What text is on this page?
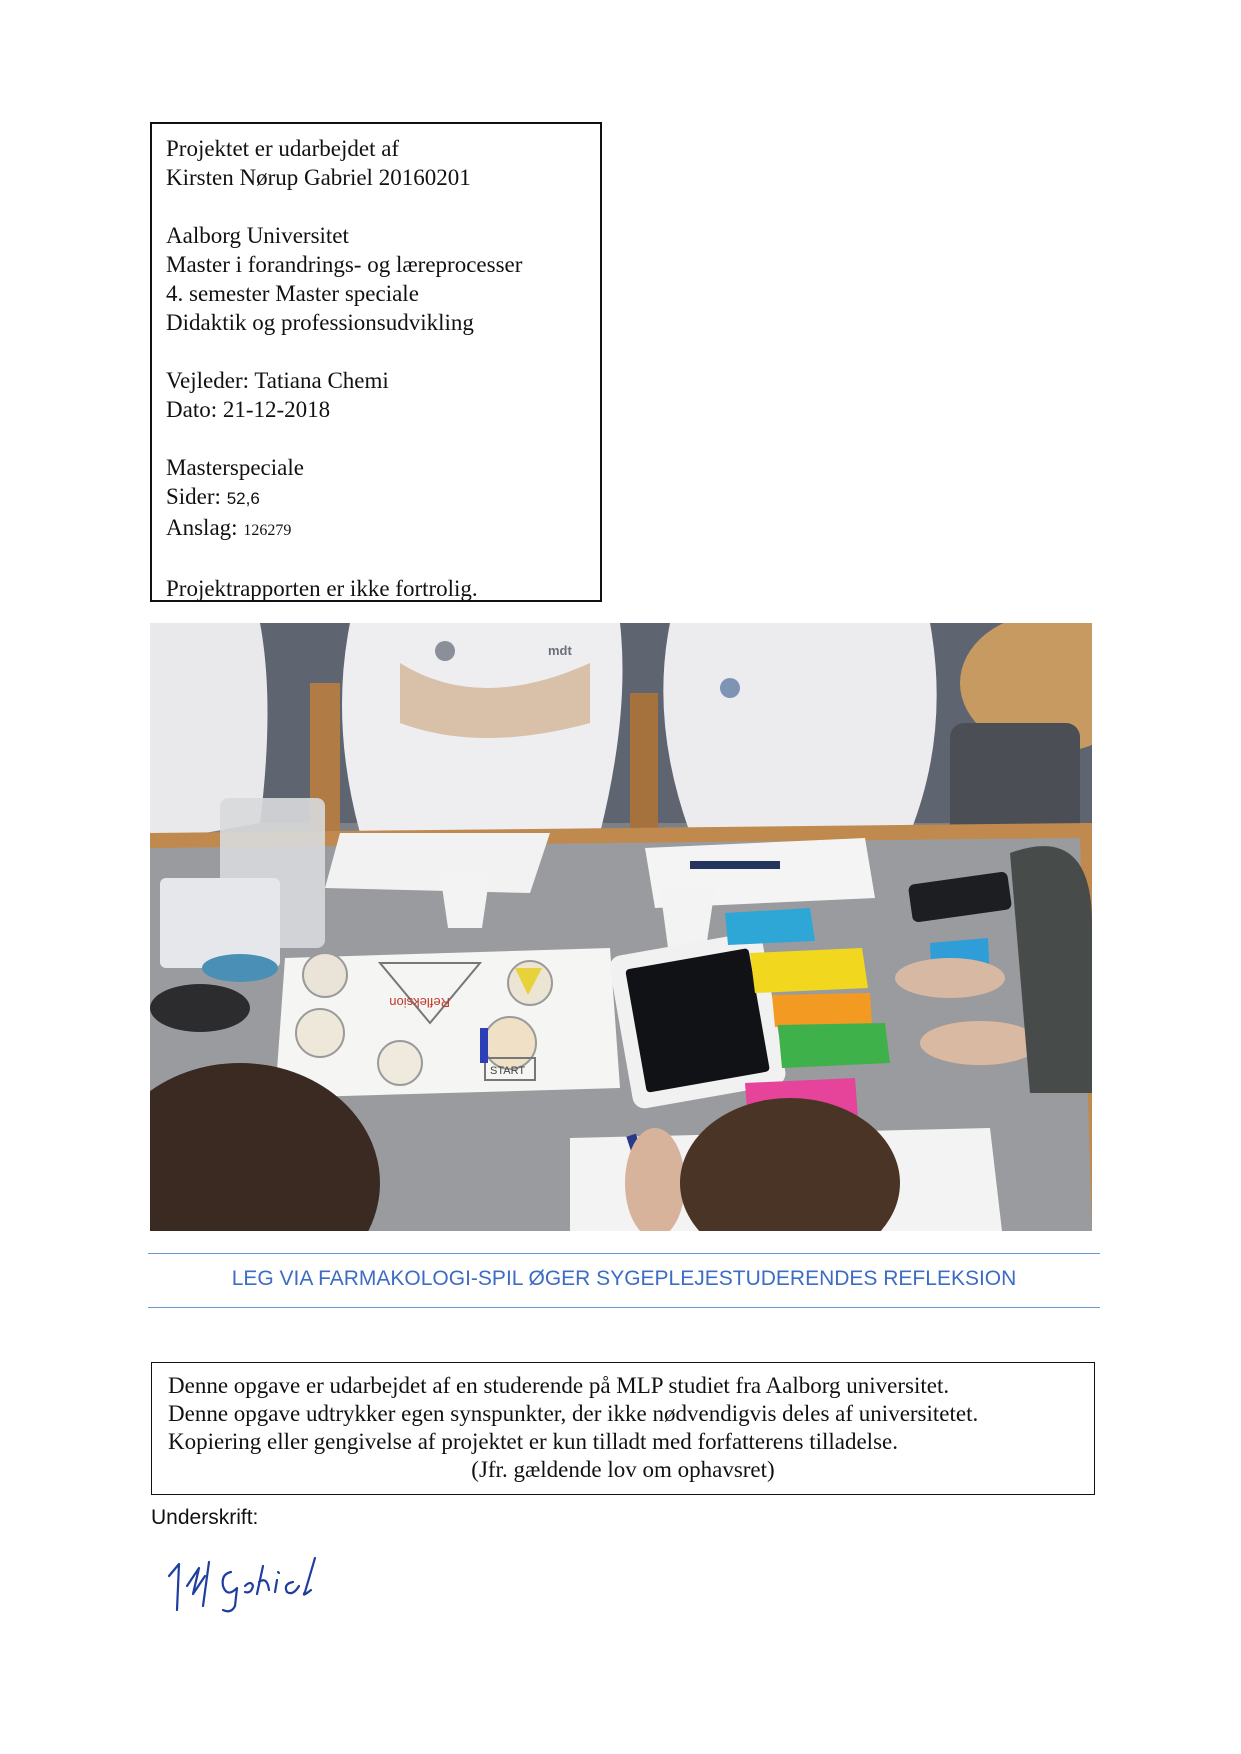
Projektet er udarbejdet af
Kirsten Nørup Gabriel 20160201
Aalborg Universitet
Master i forandrings- og læreprocesser
4. semester Master speciale
Didaktik og professionsudvikling
Vejleder: Tatiana Chemi
Dato: 21-12-2018
Masterspeciale
Sider: 52,6
Anslag: 126279
Projektrapporten er ikke fortrolig.
START
Refleksion
mdt
LEG VIA FARMAKOLOGI-SPIL ØGER SYGEPLEJESTUDERENDES REFLEKSION
Denne opgave er udarbejdet af en studerende på MLP studiet fra Aalborg universitet.
Denne opgave udtrykker egen synspunkter, der ikke nødvendigvis deles af universitetet.
Kopiering eller gengivelse af projektet er kun tilladt med forfatterens tilladelse.
(Jfr. gældende lov om ophavsret)
Underskrift:
